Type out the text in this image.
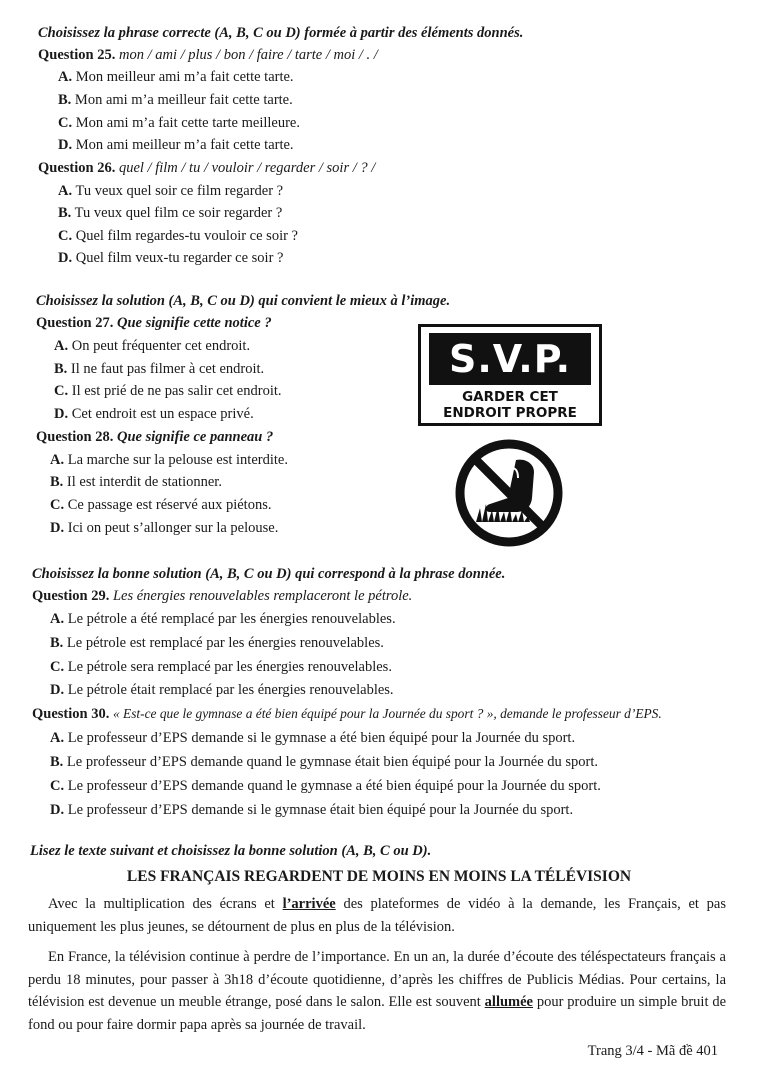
Choisissez la phrase correcte (A, B, C ou D) formée à partir des éléments donnés.
Question 25. mon / ami / plus / bon / faire / tarte / moi / . /
A. Mon meilleur ami m’a fait cette tarte.
B. Mon ami m’a meilleur fait cette tarte.
C. Mon ami m’a fait cette tarte meilleure.
D. Mon ami meilleur m’a fait cette tarte.
Question 26. quel / film / tu / vouloir / regarder / soir / ? /
A. Tu veux quel soir ce film regarder ?
B. Tu veux quel film ce soir regarder ?
C. Quel film regardes-tu vouloir ce soir ?
D. Quel film veux-tu regarder ce soir ?
Choisissez la solution (A, B, C ou D) qui convient le mieux à l’image.
Question 27. Que signifie cette notice ?
A. On peut fréquenter cet endroit.
B. Il ne faut pas filmer à cet endroit.
C. Il est prié de ne pas salir cet endroit.
D. Cet endroit est un espace privé.
S.V.P.
GARDER CET
ENDROIT PROPRE
Question 28. Que signifie ce panneau ?
A. La marche sur la pelouse est interdite.
B. Il est interdit de stationner.
C. Ce passage est réservé aux piétons.
D. Ici on peut s’allonger sur la pelouse.
Choisissez la bonne solution (A, B, C ou D) qui correspond à la phrase donnée.
Question 29. Les énergies renouvelables remplaceront le pétrole.
A. Le pétrole a été remplacé par les énergies renouvelables.
B. Le pétrole est remplacé par les énergies renouvelables.
C. Le pétrole sera remplacé par les énergies renouvelables.
D. Le pétrole était remplacé par les énergies renouvelables.
Question 30. « Est-ce que le gymnase a été bien équipé pour la Journée du sport ? », demande le professeur d’EPS.
A. Le professeur d’EPS demande si le gymnase a été bien équipé pour la Journée du sport.
B. Le professeur d’EPS demande quand le gymnase était bien équipé pour la Journée du sport.
C. Le professeur d’EPS demande quand le gymnase a été bien équipé pour la Journée du sport.
D. Le professeur d’EPS demande si le gymnase était bien équipé pour la Journée du sport.
Lisez le texte suivant et choisissez la bonne solution (A, B, C ou D).
LES FRANÇAIS REGARDENT DE MOINS EN MOINS LA TÉLÉVISION
Avec la multiplication des écrans et l’arrivée des plateformes de vidéo à la demande, les Français, et pas uniquement les plus jeunes, se détournent de plus en plus de la télévision.
En France, la télévision continue à perdre de l’importance. En un an, la durée d’écoute des téléspectateurs français a perdu 18 minutes, pour passer à 3h18 d’écoute quotidienne, d’après les chiffres de Publicis Médias. Pour certains, la télévision est devenue un meuble étrange, posé dans le salon. Elle est souvent allumée pour produire un simple bruit de fond ou pour faire dormir papa après sa journée de travail.
Trang 3/4 - Mã đề 401
